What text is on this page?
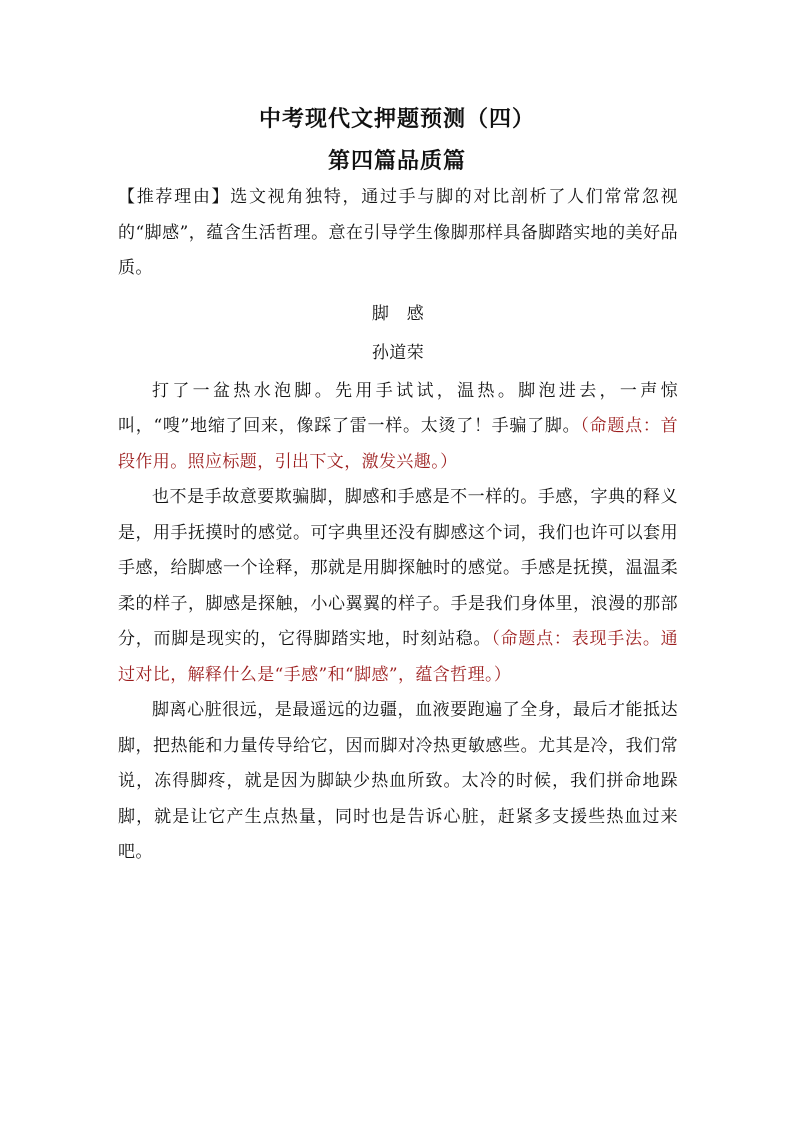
中考现代文押题预测（四）
第四篇品质篇

【推荐理由】选文视角独特，通过手与脚的对比剖析了人们常常忽视的“脚感”，蕴含生活哲理。意在引导学生像脚那样具备脚踏实地的美好品质。

脚　感

孙道荣

打了一盆热水泡脚。先用手试试，温热。脚泡进去，一声惊叫，“嗖”地缩了回来，像踩了雷一样。太烫了！手骗了脚。（命题点：首段作用。照应标题，引出下文，激发兴趣。）

也不是手故意要欺骗脚，脚感和手感是不一样的。手感，字典的释义是，用手抚摸时的感觉。可字典里还没有脚感这个词，我们也许可以套用手感，给脚感一个诠释，那就是用脚探触时的感觉。手感是抚摸，温温柔柔的样子，脚感是探触，小心翼翼的样子。手是我们身体里，浪漫的那部分，而脚是现实的，它得脚踏实地，时刻站稳。（命题点：表现手法。通过对比，解释什么是“手感”和“脚感”，蕴含哲理。）

脚离心脏很远，是最遥远的边疆，血液要跑遍了全身，最后才能抵达脚，把热能和力量传导给它，因而脚对冷热更敏感些。尤其是冷，我们常说，冻得脚疼，就是因为脚缺少热血所致。太冷的时候，我们拼命地跺脚，就是让它产生点热量，同时也是告诉心脏，赶紧多支援些热血过来吧。
